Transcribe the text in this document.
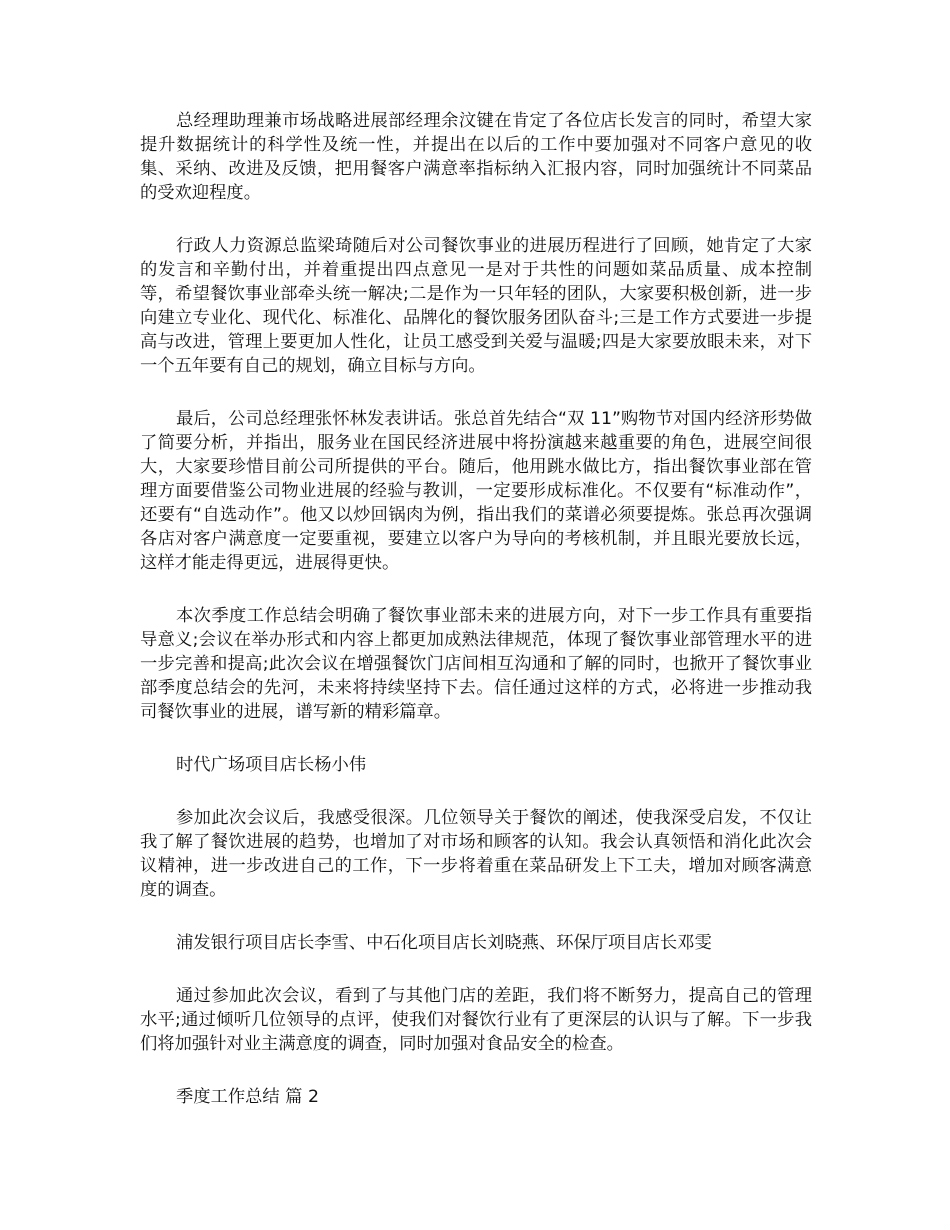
总经理助理兼市场战略进展部经理余汶键在肯定了各位店长发言的同时，希望大家提升数据统计的科学性及统一性，并提出在以后的工作中要加强对不同客户意见的收集、采纳、改进及反馈，把用餐客户满意率指标纳入汇报内容，同时加强统计不同菜品的受欢迎程度。

行政人力资源总监梁琦随后对公司餐饮事业的进展历程进行了回顾，她肯定了大家的发言和辛勤付出，并着重提出四点意见一是对于共性的问题如菜品质量、成本控制等，希望餐饮事业部牵头统一解决;二是作为一只年轻的团队，大家要积极创新，进一步向建立专业化、现代化、标准化、品牌化的餐饮服务团队奋斗;三是工作方式要进一步提高与改进，管理上要更加人性化，让员工感受到关爱与温暖;四是大家要放眼未来，对下一个五年要有自己的规划，确立目标与方向。

最后，公司总经理张怀林发表讲话。张总首先结合“双 11”购物节对国内经济形势做了简要分析，并指出，服务业在国民经济进展中将扮演越来越重要的角色，进展空间很大，大家要珍惜目前公司所提供的平台。随后，他用跳水做比方，指出餐饮事业部在管理方面要借鉴公司物业进展的经验与教训，一定要形成标准化。不仅要有“标准动作”，还要有“自选动作”。他又以炒回锅肉为例，指出我们的菜谱必须要提炼。张总再次强调各店对客户满意度一定要重视，要建立以客户为导向的考核机制，并且眼光要放长远，这样才能走得更远，进展得更快。

本次季度工作总结会明确了餐饮事业部未来的进展方向，对下一步工作具有重要指导意义;会议在举办形式和内容上都更加成熟法律规范，体现了餐饮事业部管理水平的进一步完善和提高;此次会议在增强餐饮门店间相互沟通和了解的同时，也掀开了餐饮事业部季度总结会的先河，未来将持续坚持下去。信任通过这样的方式，必将进一步推动我司餐饮事业的进展，谱写新的精彩篇章。

时代广场项目店长杨小伟

参加此次会议后，我感受很深。几位领导关于餐饮的阐述，使我深受启发，不仅让我了解了餐饮进展的趋势，也增加了对市场和顾客的认知。我会认真领悟和消化此次会议精神，进一步改进自己的工作，下一步将着重在菜品研发上下工夫，增加对顾客满意度的调查。

浦发银行项目店长李雪、中石化项目店长刘晓燕、环保厅项目店长邓雯

通过参加此次会议，看到了与其他门店的差距，我们将不断努力，提高自己的管理水平;通过倾听几位领导的点评，使我们对餐饮行业有了更深层的认识与了解。下一步我们将加强针对业主满意度的调查，同时加强对食品安全的检查。

季度工作总结 篇 2
